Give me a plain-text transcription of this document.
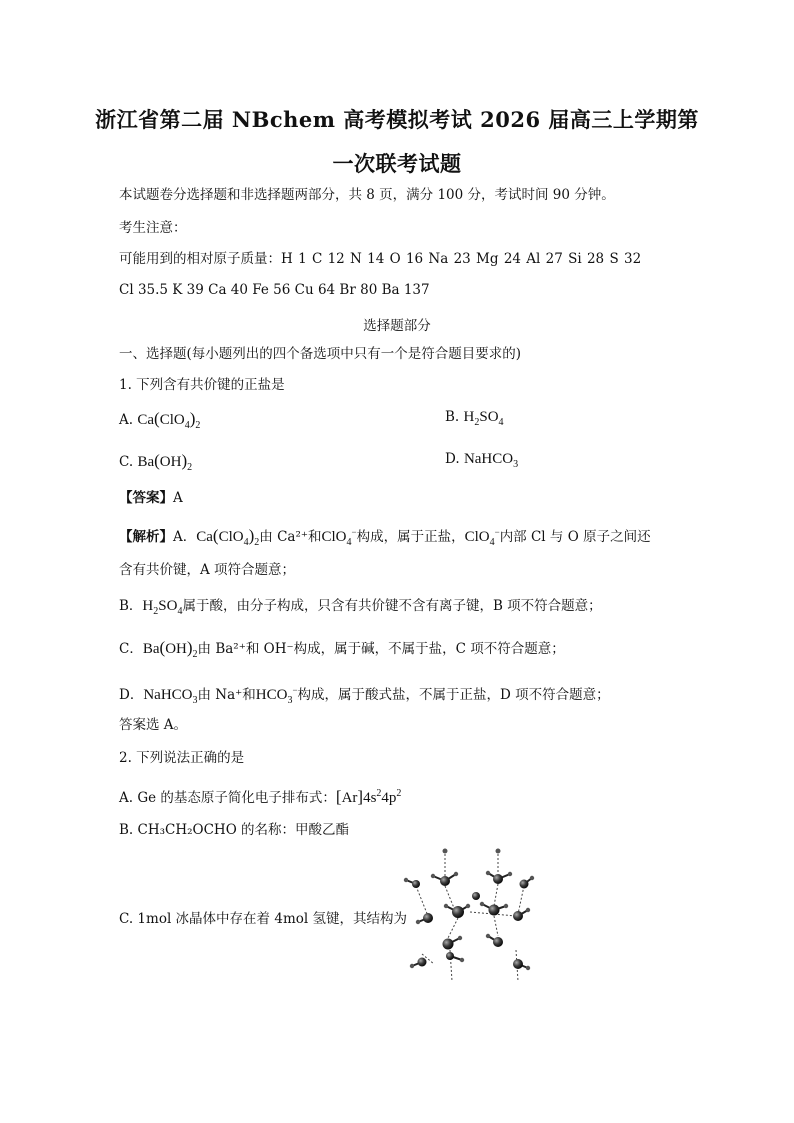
浙江省第二届 NBchem 高考模拟考试 2026 届高三上学期第
一次联考试题
本试题卷分选择题和非选择题两部分，共 8 页，满分 100 分，考试时间 90 分钟。
考生注意：
可能用到的相对原子质量：H 1 C 12 N 14 O 16 Na 23 Mg 24 Al 27 Si 28 S 32
Cl 35.5 K 39 Ca 40 Fe 56 Cu 64 Br 80 Ba 137
选择题部分
一、选择题(每小题列出的四个备选项中只有一个是符合题目要求的)
1. 下列含有共价键的正盐是
A. $Ca(ClO_4)_2$
B. $H_2SO_4$
C. $Ba(OH)_2$
D. NaHCO$_3$
【答案】A
【解析】A．$Ca(ClO_4)_2$由 Ca²⁺和ClO$_4$−构成，属于正盐，ClO$_4$−内部 Cl 与 O 原子之间还
含有共价键，A 项符合题意；
B．$H_2SO_4$属于酸，由分子构成，只含有共价键不含有离子键，B 项不符合题意；
C．$Ba(OH)_2$由 Ba²⁺和 OH⁻构成，属于碱，不属于盐，C 项不符合题意；
D．NaHCO$_3$由 Na⁺和$HCO_3^-$构成，属于酸式盐，不属于正盐，D 项不符合题意；
答案选 A。
2. 下列说法正确的是
A. Ge 的基态原子简化电子排布式：$[Ar]4s^24p^2$
B. CH₃CH₂OCHO 的名称：甲酸乙酯
C. 1mol 冰晶体中存在着 4mol 氢键，其结构为
